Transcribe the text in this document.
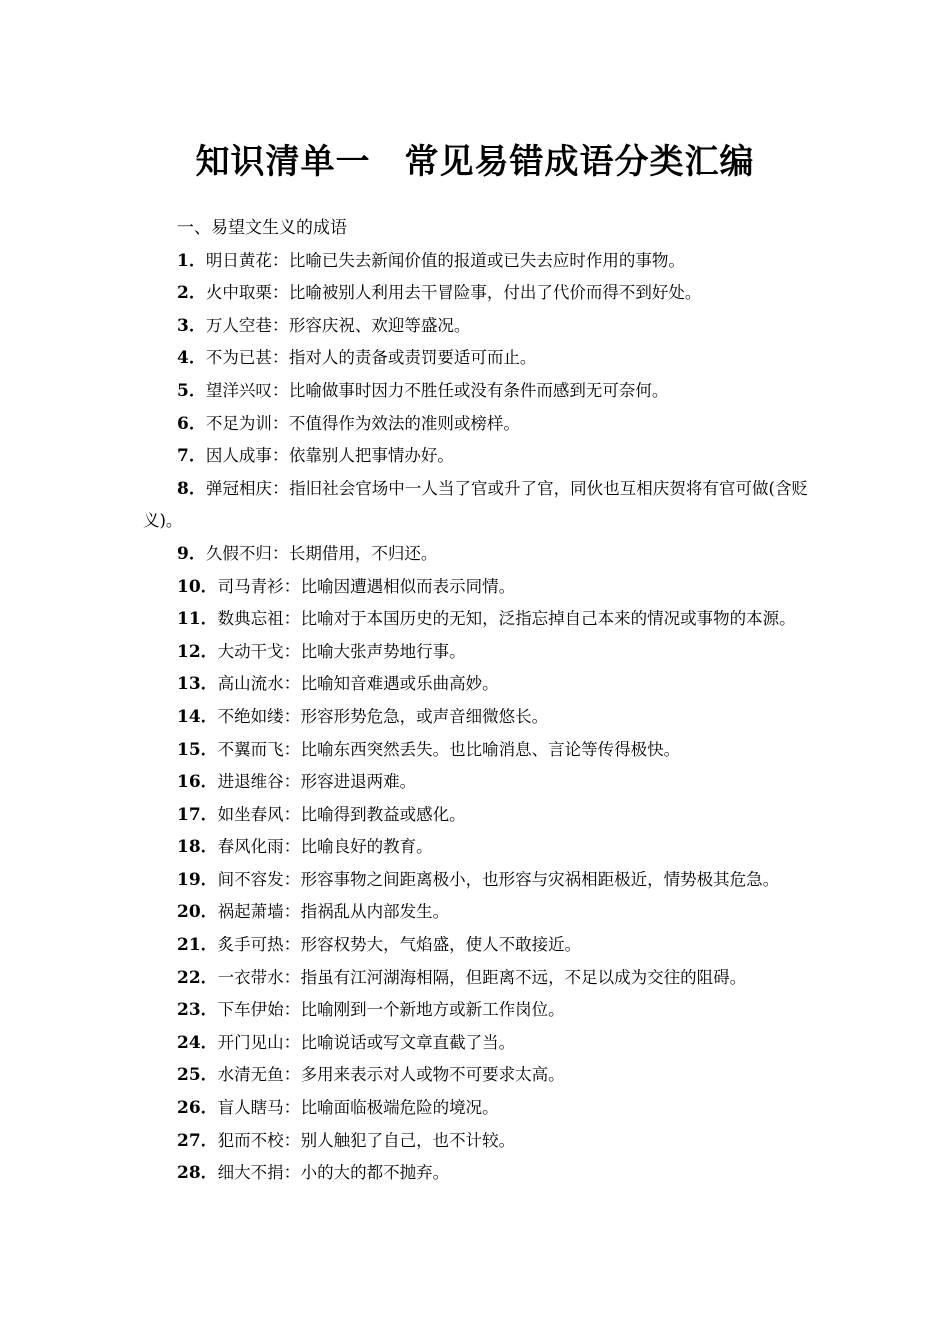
知识清单一 常见易错成语分类汇编
一、易望文生义的成语
1．明日黄花：比喻已失去新闻价值的报道或已失去应时作用的事物。
2．火中取栗：比喻被别人利用去干冒险事，付出了代价而得不到好处。
3．万人空巷：形容庆祝、欢迎等盛况。
4．不为已甚：指对人的责备或责罚要适可而止。
5．望洋兴叹：比喻做事时因力不胜任或没有条件而感到无可奈何。
6．不足为训：不值得作为效法的准则或榜样。
7．因人成事：依靠别人把事情办好。
8．弹冠相庆：指旧社会官场中一人当了官或升了官，同伙也互相庆贺将有官可做(含贬义)。
9．久假不归：长期借用，不归还。
10．司马青衫：比喻因遭遇相似而表示同情。
11．数典忘祖：比喻对于本国历史的无知，泛指忘掉自己本来的情况或事物的本源。
12．大动干戈：比喻大张声势地行事。
13．高山流水：比喻知音难遇或乐曲高妙。
14．不绝如缕：形容形势危急，或声音细微悠长。
15．不翼而飞：比喻东西突然丢失。也比喻消息、言论等传得极快。
16．进退维谷：形容进退两难。
17．如坐春风：比喻得到教益或感化。
18．春风化雨：比喻良好的教育。
19．间不容发：形容事物之间距离极小，也形容与灾祸相距极近，情势极其危急。
20．祸起萧墙：指祸乱从内部发生。
21．炙手可热：形容权势大，气焰盛，使人不敢接近。
22．一衣带水：指虽有江河湖海相隔，但距离不远，不足以成为交往的阻碍。
23．下车伊始：比喻刚到一个新地方或新工作岗位。
24．开门见山：比喻说话或写文章直截了当。
25．水清无鱼：多用来表示对人或物不可要求太高。
26．盲人瞎马：比喻面临极端危险的境况。
27．犯而不校：别人触犯了自己，也不计较。
28．细大不捐：小的大的都不抛弃。
